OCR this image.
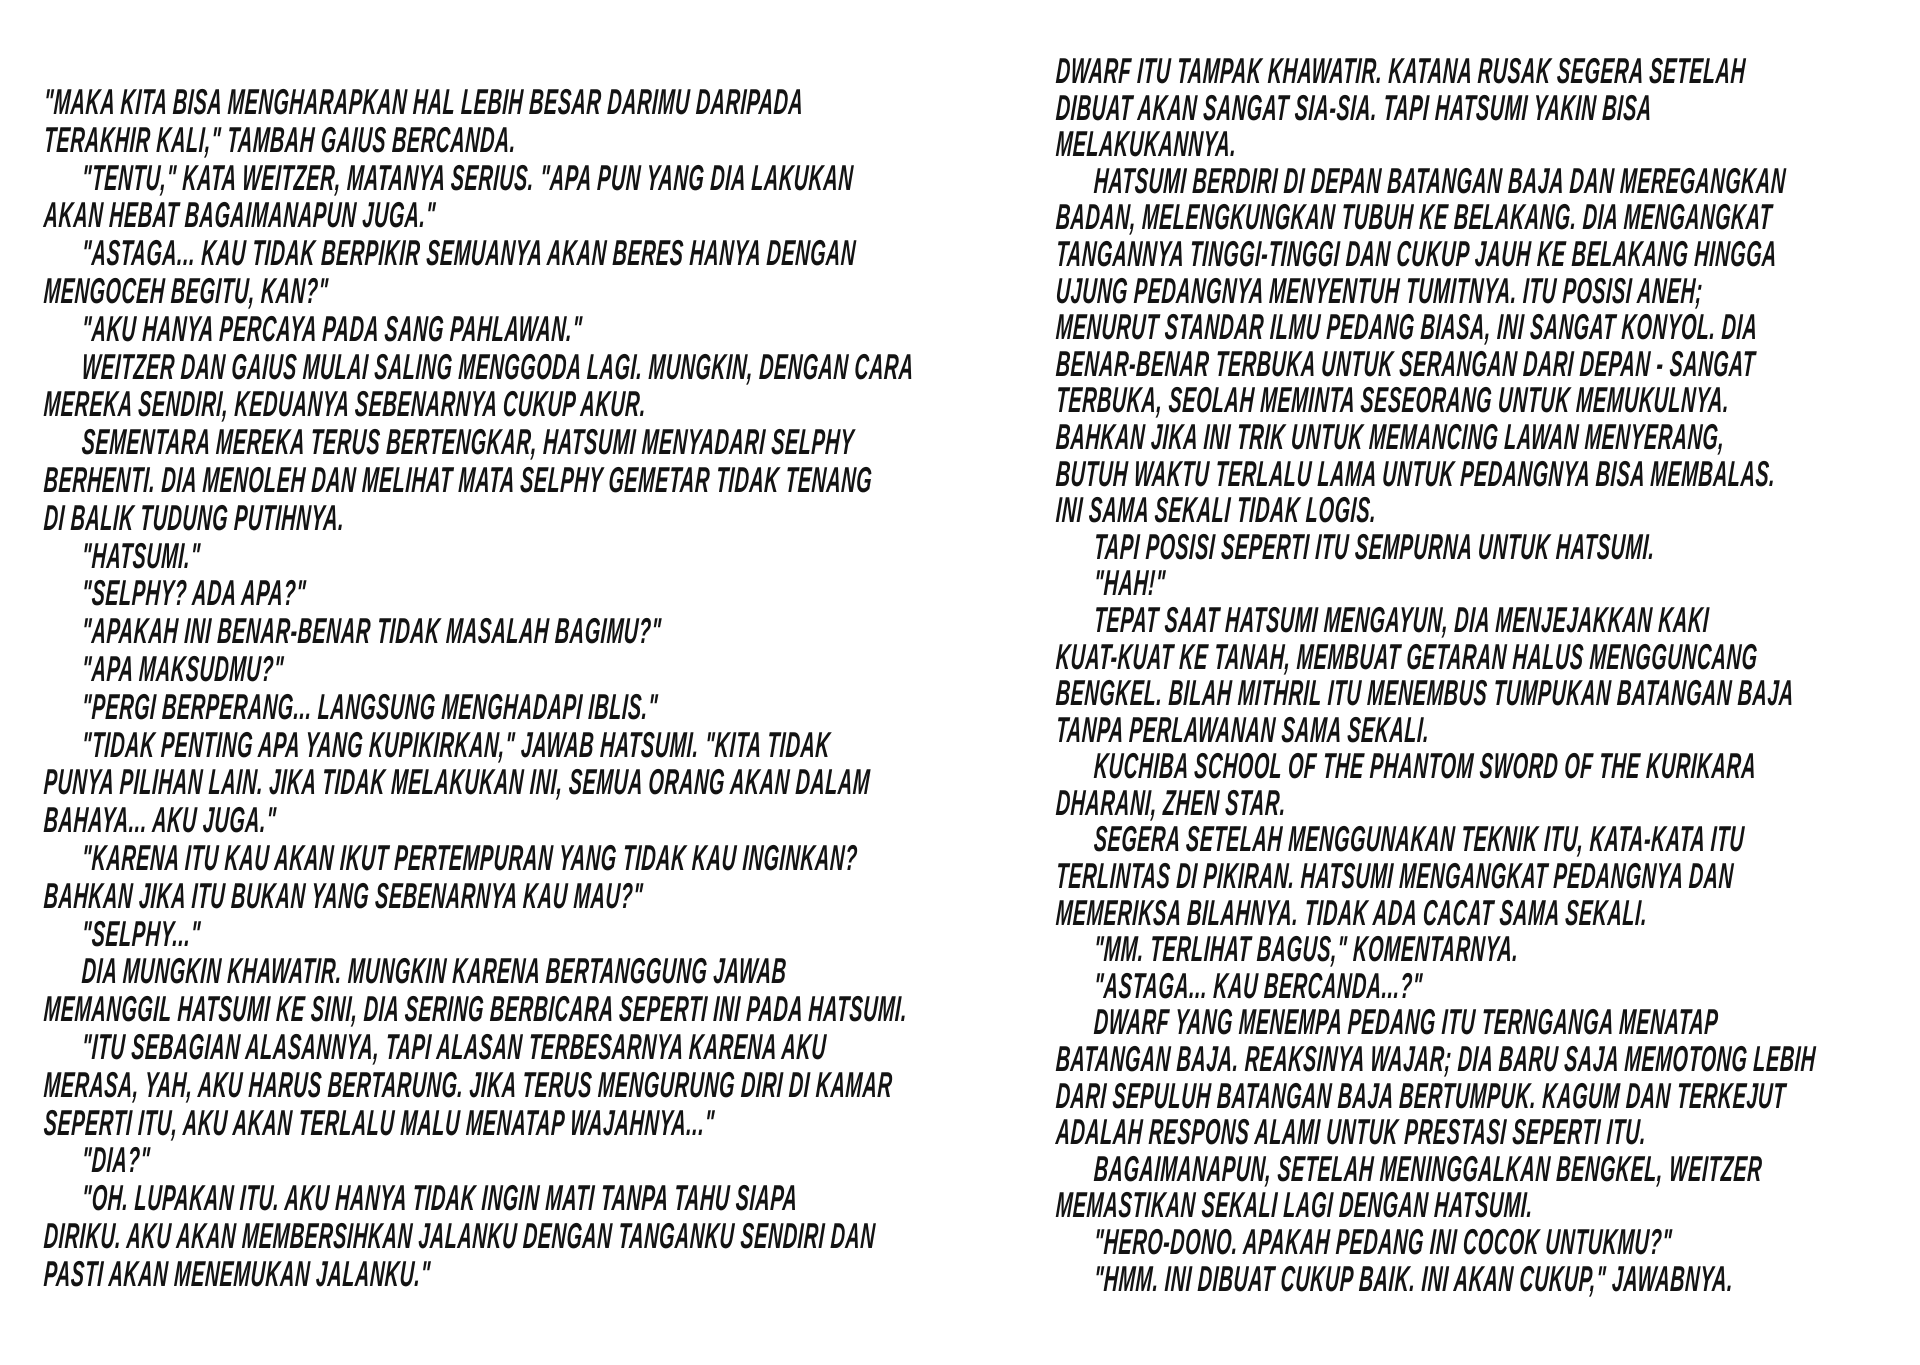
"MAKA KITA BISA MENGHARAPKAN HAL LEBIH BESAR DARIMU DARIPADA
TERAKHIR KALI," TAMBAH GAIUS BERCANDA.
"TENTU," KATA WEITZER, MATANYA SERIUS. "APA PUN YANG DIA LAKUKAN
AKAN HEBAT BAGAIMANAPUN JUGA."
"ASTAGA... KAU TIDAK BERPIKIR SEMUANYA AKAN BERES HANYA DENGAN
MENGOCEH BEGITU, KAN?"
"AKU HANYA PERCAYA PADA SANG PAHLAWAN."
WEITZER DAN GAIUS MULAI SALING MENGGODA LAGI. MUNGKIN, DENGAN CARA
MEREKA SENDIRI, KEDUANYA SEBENARNYA CUKUP AKUR.
SEMENTARA MEREKA TERUS BERTENGKAR, HATSUMI MENYADARI SELPHY
BERHENTI. DIA MENOLEH DAN MELIHAT MATA SELPHY GEMETAR TIDAK TENANG
DI BALIK TUDUNG PUTIHNYA.
"HATSUMI."
"SELPHY? ADA APA?"
"APAKAH INI BENAR-BENAR TIDAK MASALAH BAGIMU?"
"APA MAKSUDMU?"
"PERGI BERPERANG... LANGSUNG MENGHADAPI IBLIS."
"TIDAK PENTING APA YANG KUPIKIRKAN," JAWAB HATSUMI. "KITA TIDAK
PUNYA PILIHAN LAIN. JIKA TIDAK MELAKUKAN INI, SEMUA ORANG AKAN DALAM
BAHAYA... AKU JUGA."
"KARENA ITU KAU AKAN IKUT PERTEMPURAN YANG TIDAK KAU INGINKAN?
BAHKAN JIKA ITU BUKAN YANG SEBENARNYA KAU MAU?"
"SELPHY..."
DIA MUNGKIN KHAWATIR. MUNGKIN KARENA BERTANGGUNG JAWAB
MEMANGGIL HATSUMI KE SINI, DIA SERING BERBICARA SEPERTI INI PADA HATSUMI.
"ITU SEBAGIAN ALASANNYA, TAPI ALASAN TERBESARNYA KARENA AKU
MERASA, YAH, AKU HARUS BERTARUNG. JIKA TERUS MENGURUNG DIRI DI KAMAR
SEPERTI ITU, AKU AKAN TERLALU MALU MENATAP WAJAHNYA..."
"DIA?"
"OH. LUPAKAN ITU. AKU HANYA TIDAK INGIN MATI TANPA TAHU SIAPA
DIRIKU. AKU AKAN MEMBERSIHKAN JALANKU DENGAN TANGANKU SENDIRI DAN
PASTI AKAN MENEMUKAN JALANKU."
DWARF ITU TAMPAK KHAWATIR. KATANA RUSAK SEGERA SETELAH
DIBUAT AKAN SANGAT SIA-SIA. TAPI HATSUMI YAKIN BISA
MELAKUKANNYA.
HATSUMI BERDIRI DI DEPAN BATANGAN BAJA DAN MEREGANGKAN
BADAN, MELENGKUNGKAN TUBUH KE BELAKANG. DIA MENGANGKAT
TANGANNYA TINGGI-TINGGI DAN CUKUP JAUH KE BELAKANG HINGGA
UJUNG PEDANGNYA MENYENTUH TUMITNYA. ITU POSISI ANEH;
MENURUT STANDAR ILMU PEDANG BIASA, INI SANGAT KONYOL. DIA
BENAR-BENAR TERBUKA UNTUK SERANGAN DARI DEPAN - SANGAT
TERBUKA, SEOLAH MEMINTA SESEORANG UNTUK MEMUKULNYA.
BAHKAN JIKA INI TRIK UNTUK MEMANCING LAWAN MENYERANG,
BUTUH WAKTU TERLALU LAMA UNTUK PEDANGNYA BISA MEMBALAS.
INI SAMA SEKALI TIDAK LOGIS.
TAPI POSISI SEPERTI ITU SEMPURNA UNTUK HATSUMI.
"HAH!"
TEPAT SAAT HATSUMI MENGAYUN, DIA MENJEJAKKAN KAKI
KUAT-KUAT KE TANAH, MEMBUAT GETARAN HALUS MENGGUNCANG
BENGKEL. BILAH MITHRIL ITU MENEMBUS TUMPUKAN BATANGAN BAJA
TANPA PERLAWANAN SAMA SEKALI.
KUCHIBA SCHOOL OF THE PHANTOM SWORD OF THE KURIKARA
DHARANI, ZHEN STAR.
SEGERA SETELAH MENGGUNAKAN TEKNIK ITU, KATA-KATA ITU
TERLINTAS DI PIKIRAN. HATSUMI MENGANGKAT PEDANGNYA DAN
MEMERIKSA BILAHNYA. TIDAK ADA CACAT SAMA SEKALI.
"MM. TERLIHAT BAGUS," KOMENTARNYA.
"ASTAGA... KAU BERCANDA...?"
DWARF YANG MENEMPA PEDANG ITU TERNGANGA MENATAP
BATANGAN BAJA. REAKSINYA WAJAR; DIA BARU SAJA MEMOTONG LEBIH
DARI SEPULUH BATANGAN BAJA BERTUMPUK. KAGUM DAN TERKEJUT
ADALAH RESPONS ALAMI UNTUK PRESTASI SEPERTI ITU.
BAGAIMANAPUN, SETELAH MENINGGALKAN BENGKEL, WEITZER
MEMASTIKAN SEKALI LAGI DENGAN HATSUMI.
"HERO-DONO. APAKAH PEDANG INI COCOK UNTUKMU?"
"HMM. INI DIBUAT CUKUP BAIK. INI AKAN CUKUP," JAWABNYA.
